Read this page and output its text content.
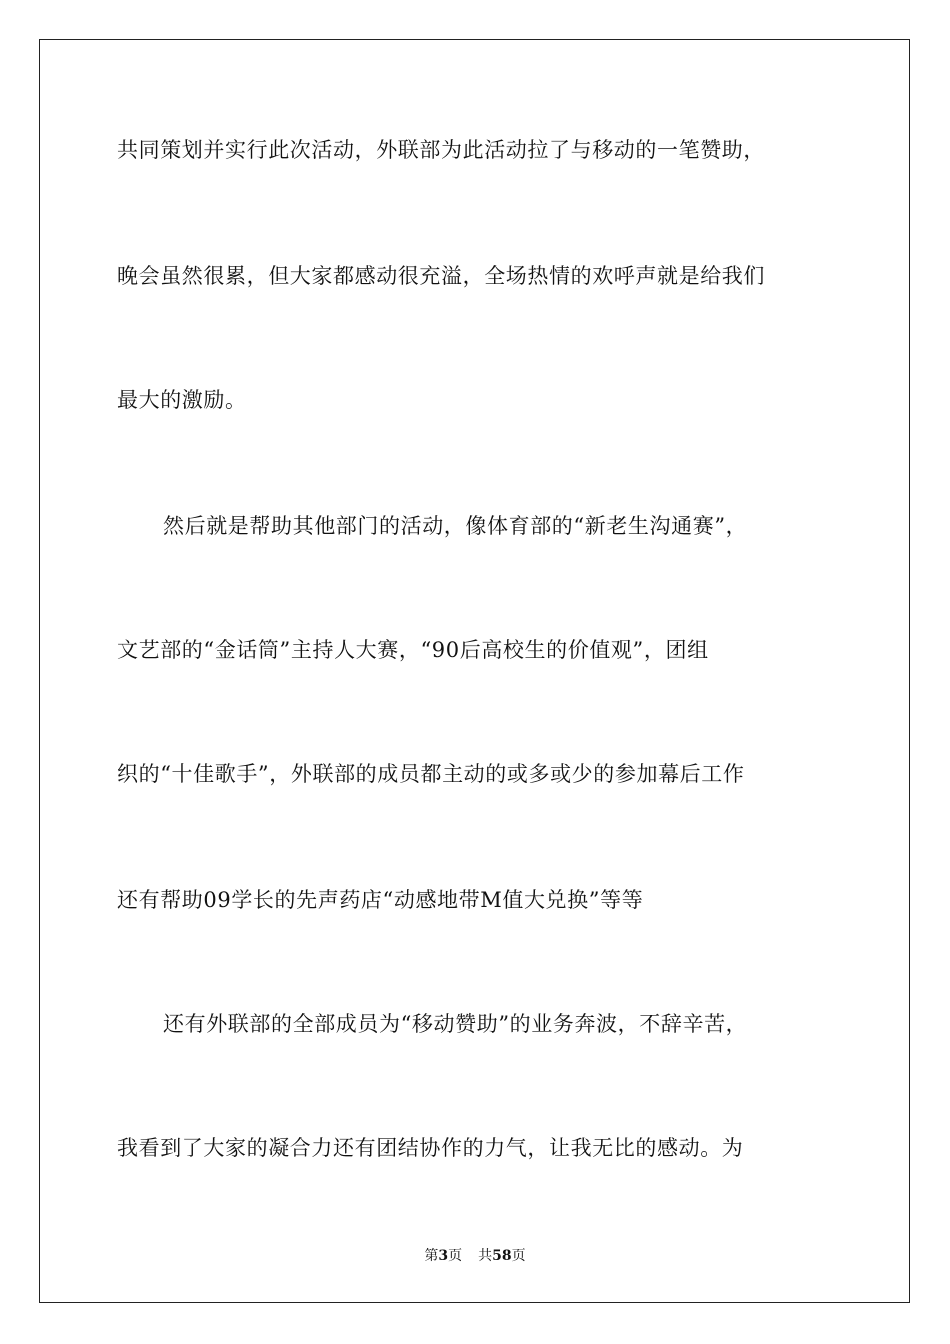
共同策划并实行此次活动，外联部为此活动拉了与移动的一笔赞助，
晚会虽然很累，但大家都感动很充溢，全场热情的欢呼声就是给我们
最大的激励。
然后就是帮助其他部门的活动，像体育部的“新老生沟通赛”，
文艺部的“金话筒”主持人大赛，“90后高校生的价值观”，团组
织的“十佳歌手”，外联部的成员都主动的或多或少的参加幕后工作
还有帮助09学长的先声药店“动感地带M值大兑换”等等
还有外联部的全部成员为“移动赞助”的业务奔波，不辞辛苦，
我看到了大家的凝合力还有团结协作的力气，让我无比的感动。为
第3页 共58页
